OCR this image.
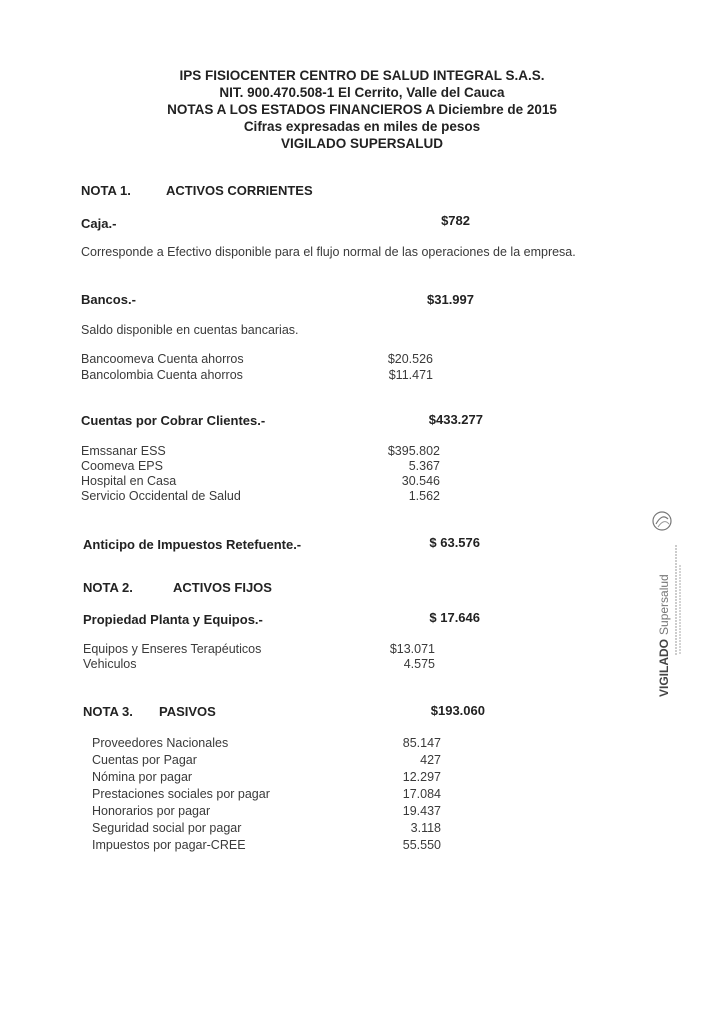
IPS FISIOCENTER CENTRO DE SALUD INTEGRAL S.A.S.
NIT. 900.470.508-1 El Cerrito, Valle del Cauca
NOTAS A LOS ESTADOS FINANCIEROS A Diciembre de 2015
Cifras expresadas en miles de pesos
VIGILADO SUPERSALUD
NOTA 1.	ACTIVOS CORRIENTES
Caja.-	$782
Corresponde a Efectivo disponible para el flujo normal de las operaciones de la empresa.
Bancos.-	$31.997
Saldo disponible en cuentas bancarias.
Bancoomeva Cuenta ahorros	$20.526
Bancolombia Cuenta ahorros	$11.471
Cuentas por Cobrar Clientes.-	$433.277
Emssanar ESS	$395.802
Coomeva EPS	5.367
Hospital en Casa	30.546
Servicio Occidental de Salud	1.562
Anticipo de Impuestos Retefuente.-	$ 63.576
NOTA 2.	ACTIVOS FIJOS
Propiedad Planta y Equipos.-	$ 17.646
Equipos y Enseres Terapéuticos	$13.071
Vehiculos	4.575
NOTA 3. PASIVOS	$193.060
Proveedores Nacionales	85.147
Cuentas por Pagar	427
Nómina por pagar	12.297
Prestaciones sociales por pagar	17.084
Honorarios por pagar	19.437
Seguridad social por pagar	3.118
Impuestos por pagar-CREE	55.550
VIGILADOSupersalud
